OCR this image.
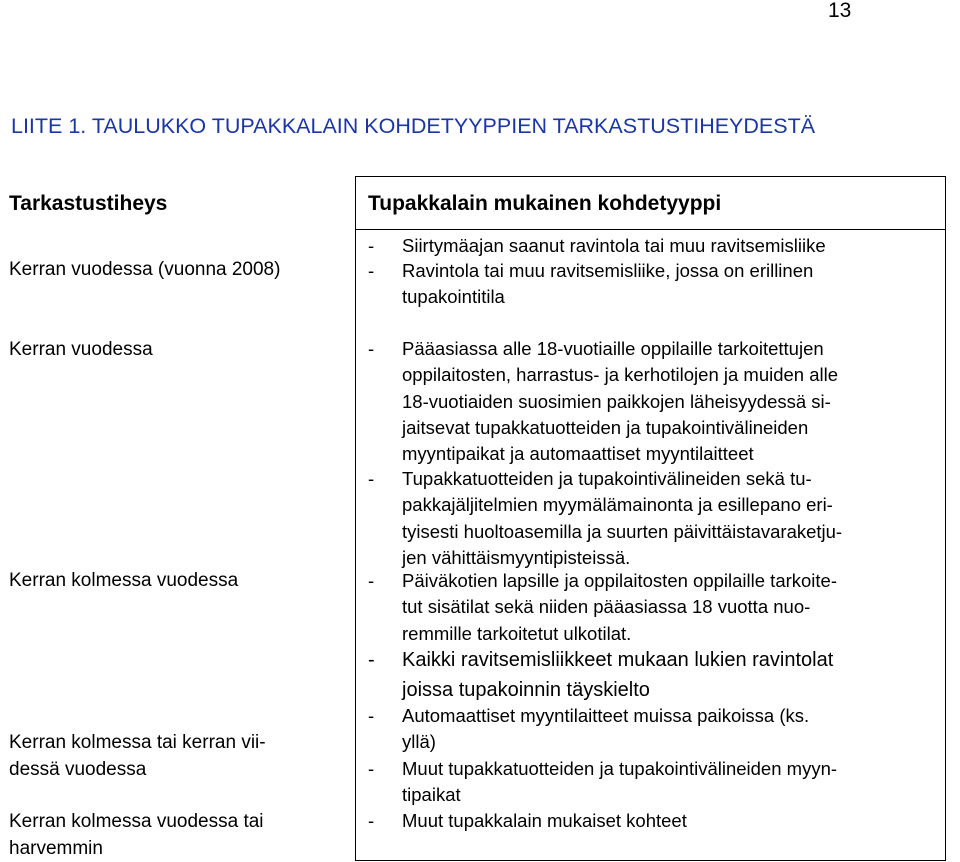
13
LIITE 1. TAULUKKO TUPAKKALAIN KOHDETYYPPIEN TARKASTUSTIHEYDESTÄ
Tarkastustiheys	Tupakkalain mukainen kohdetyyppi
Kerran vuodessa (vuonna 2008)
Kerran vuodessa
Kerran kolmessa vuodessa
Kerran kolmessa tai kerran vii-
dessä vuodessa
Kerran kolmessa vuodessa tai
harvemmin
- Siirtymäajan saanut ravintola tai muu ravitsemisliike
- Ravintola tai muu ravitsemisliike, jossa on erillinen
tupakointitila
- Pääasiassa alle 18-vuotiaille oppilaille tarkoitettujen
oppilaitosten, harrastus- ja kerhotilojen ja muiden alle
18-vuotiaiden suosimien paikkojen läheisyydessä si-
jaitsevat tupakkatuotteiden ja tupakointivälineiden
myyntipaikat ja automaattiset myyntilaitteet
- Tupakkatuotteiden ja tupakointivälineiden sekä tu-
pakkajäljitelmien myymälämainonta ja esillepano eri-
tyisesti huoltoasemilla ja suurten päivittäistavaraketju-
jen vähittäismyyntipisteissä.
- Päiväkotien lapsille ja oppilaitosten oppilaille tarkoite-
tut sisätilat sekä niiden pääasiassa 18 vuotta nuo-
remmille tarkoitetut ulkotilat.
- Kaikki ravitsemisliikkeet mukaan lukien ravintolat
joissa tupakoinnin täyskielto
- Automaattiset myyntilaitteet muissa paikoissa (ks.
yllä)
- Muut tupakkatuotteiden ja tupakointivälineiden myyn-
tipaikat
- Muut tupakkalain mukaiset kohteet
